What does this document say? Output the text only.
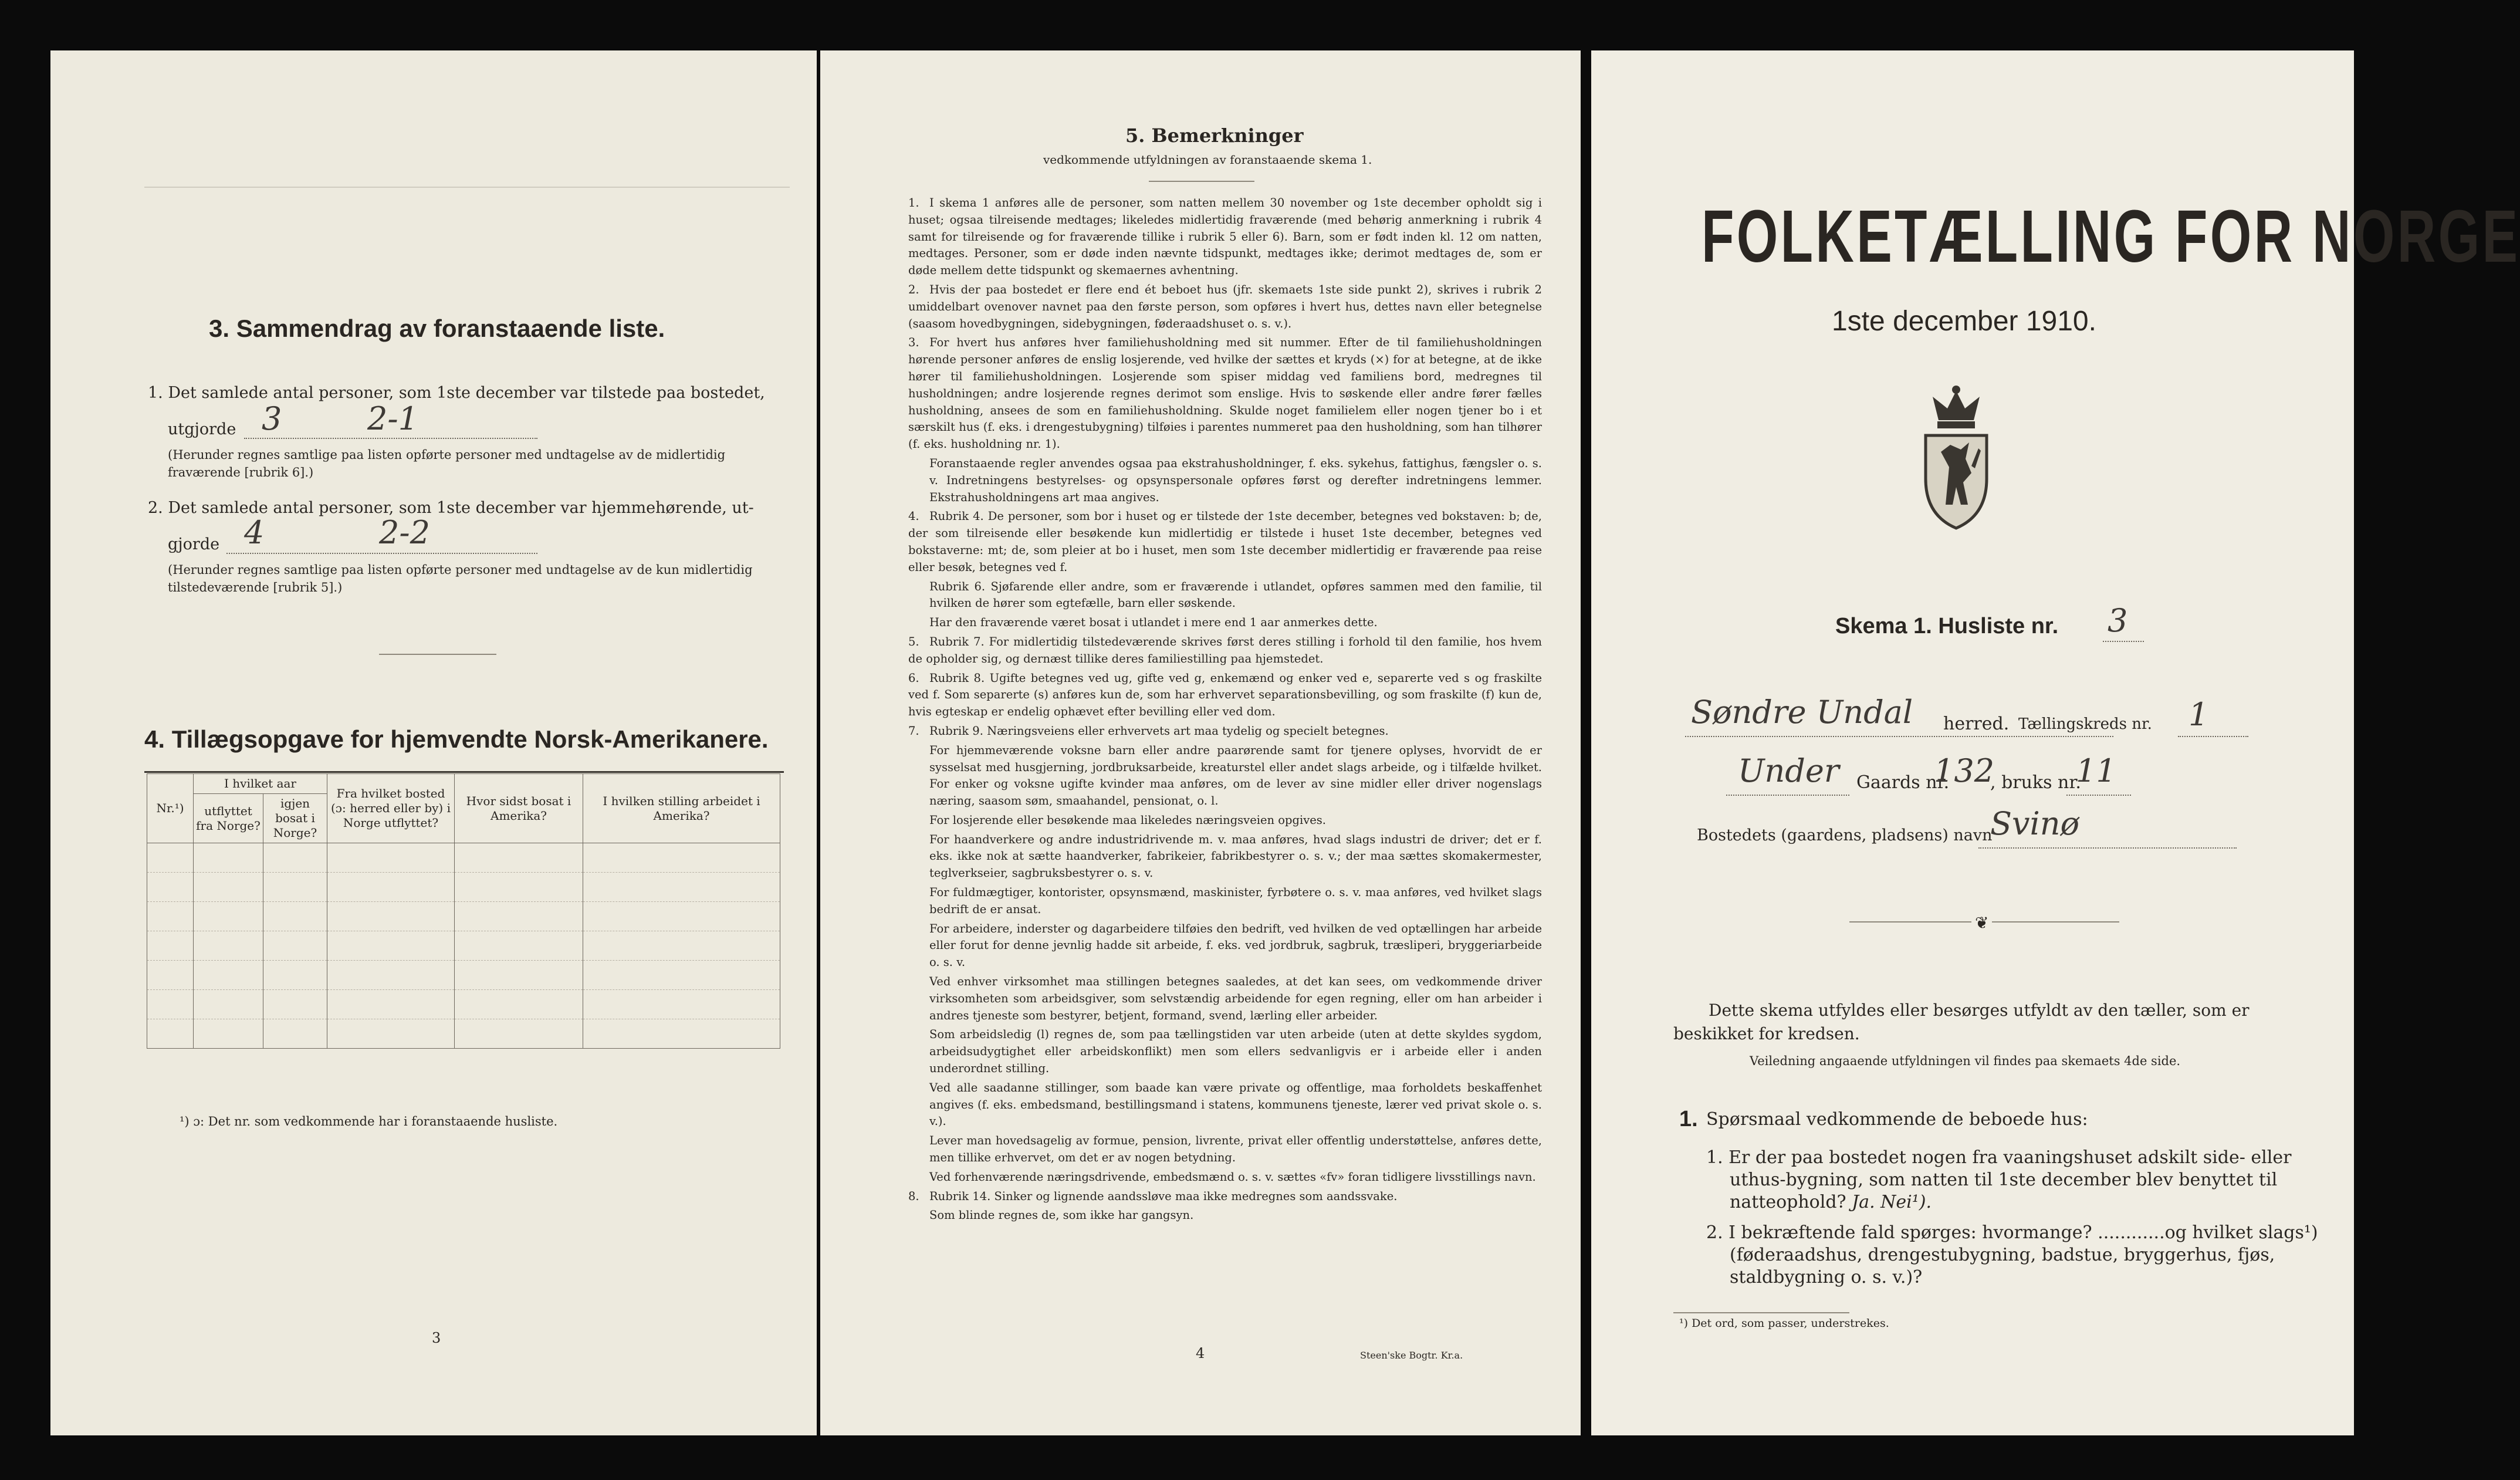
3. Sammendrag av foranstaaende liste.
1. Det samlede antal personer, som 1ste december var tilstede paa bostedet,
utgjorde 3	2-1
(Herunder regnes samtlige paa listen opførte personer med undtagelse av de midlertidig fraværende [rubrik 6].)
2. Det samlede antal personer, som 1ste december var hjemmehørende, ut-
gjorde 4	2-2
(Herunder regnes samtlige paa listen opførte personer med undtagelse av de kun midlertidig tilstedeværende [rubrik 5].)
4. Tillægsopgave for hjemvendte Norsk-Amerikanere.
Nr.¹)	I hvilket aar		Fra hvilket bosted (ɔ: herred eller by) i Norge utflyttet?	Hvor sidst bosat i Amerika?	I hvilken stilling arbeidet i Amerika?
	utflyttet fra Norge?	igjen bosat i Norge?			

¹) ɔ: Det nr. som vedkommende har i foranstaaende husliste.
3
5. Bemerkninger
vedkommende utfyldningen av foranstaaende skema 1.

1. I skema 1 anføres alle de personer, som natten mellem 30 november og 1ste december opholdt sig i huset; ogsaa tilreisende medtages; likeledes midlertidig fraværende (med behørig anmerkning i rubrik 4 samt for tilreisende og for fraværende tillike i rubrik 5 eller 6). Barn, som er født inden kl. 12 om natten, medtages. Personer, som er døde inden nævnte tidspunkt, medtages ikke; derimot medtages de, som er døde mellem dette tidspunkt og skemaernes avhentning.

2. Hvis der paa bostedet er flere end ét beboet hus (jfr. skemaets 1ste side punkt 2), skrives i rubrik 2 umiddelbart ovenover navnet paa den første person, som opføres i hvert hus, dettes navn eller betegnelse (saasom hovedbygningen, sidebygningen, føderaadshuset o. s. v.).

3. For hvert hus anføres hver familiehusholdning med sit nummer. Efter de til familiehusholdningen hørende personer anføres de enslig losjerende, ved hvilke der sættes et kryds (×) for at betegne, at de ikke hører til familiehusholdningen. Losjerende som spiser middag ved familiens bord, medregnes til husholdningen; andre losjerende regnes derimot som enslige. Hvis to søskende eller andre fører fælles husholdning, ansees de som en familiehusholdning. Skulde noget familielem eller nogen tjener bo i et særskilt hus (f. eks. i drengestubygning) tilføies i parentes nummeret paa den husholdning, som han tilhører (f. eks. husholdning nr. 1).

Foranstaaende regler anvendes ogsaa paa ekstrahusholdninger, f. eks. sykehus, fattighus, fængsler o. s. v. Indretningens bestyrelses- og opsynspersonale opføres først og derefter indretningens lemmer. Ekstrahusholdningens art maa angives.

4. Rubrik 4. De personer, som bor i huset og er tilstede der 1ste december, betegnes ved bokstaven: b; de, der som tilreisende eller besøkende kun midlertidig er tilstede i huset 1ste december, betegnes ved bokstaverne: mt; de, som pleier at bo i huset, men som 1ste december midlertidig er fraværende paa reise eller besøk, betegnes ved f.

Rubrik 6. Sjøfarende eller andre, som er fraværende i utlandet, opføres sammen med den familie, til hvilken de hører som egtefælle, barn eller søskende.

Har den fraværende været bosat i utlandet i mere end 1 aar anmerkes dette.

5. Rubrik 7. For midlertidig tilstedeværende skrives først deres stilling i forhold til den familie, hos hvem de opholder sig, og dernæst tillike deres familiestilling paa hjemstedet.

6. Rubrik 8. Ugifte betegnes ved ug, gifte ved g, enkemænd og enker ved e, separerte ved s og fraskilte ved f. Som separerte (s) anføres kun de, som har erhvervet separationsbevilling, og som fraskilte (f) kun de, hvis egteskap er endelig ophævet efter bevilling eller ved dom.

7. Rubrik 9. Næringsveiens eller erhvervets art maa tydelig og specielt betegnes.

For hjemmeværende voksne barn eller andre paarørende samt for tjenere oplyses, hvorvidt de er sysselsat med husgjerning, jordbruksarbeide, kreaturstel eller andet slags arbeide, og i tilfælde hvilket. For enker og voksne ugifte kvinder maa anføres, om de lever av sine midler eller driver nogenslags næring, saasom søm, smaahandel, pensionat, o. l.

For losjerende eller besøkende maa likeledes næringsveien opgives.

For haandverkere og andre industridrivende m. v. maa anføres, hvad slags industri de driver; det er f. eks. ikke nok at sætte haandverker, fabrikeier, fabrikbestyrer o. s. v.; der maa sættes skomakermester, teglverkseier, sagbruksbestyrer o. s. v.

For fuldmægtiger, kontorister, opsynsmænd, maskinister, fyrbøtere o. s. v. maa anføres, ved hvilket slags bedrift de er ansat.

For arbeidere, inderster og dagarbeidere tilføies den bedrift, ved hvilken de ved optællingen har arbeide eller forut for denne jevnlig hadde sit arbeide, f. eks. ved jordbruk, sagbruk, træsliperi, bryggeriarbeide o. s. v.

Ved enhver virksomhet maa stillingen betegnes saaledes, at det kan sees, om vedkommende driver virksomheten som arbeidsgiver, som selvstændig arbeidende for egen regning, eller om han arbeider i andres tjeneste som bestyrer, betjent, formand, svend, lærling eller arbeider.

Som arbeidsledig (l) regnes de, som paa tællingstiden var uten arbeide (uten at dette skyldes sygdom, arbeidsudygtighet eller arbeidskonflikt) men som ellers sedvanligvis er i arbeide eller i anden underordnet stilling.

Ved alle saadanne stillinger, som baade kan være private og offentlige, maa forholdets beskaffenhet angives (f. eks. embedsmand, bestillingsmand i statens, kommunens tjeneste, lærer ved privat skole o. s. v.).

Lever man hovedsagelig av formue, pension, livrente, privat eller offentlig understøttelse, anføres dette, men tillike erhvervet, om det er av nogen betydning.

Ved forhenværende næringsdrivende, embedsmænd o. s. v. sættes «fv» foran tidligere livsstillings navn.

8. Rubrik 14. Sinker og lignende aandssløve maa ikke medregnes som aandssvake.

Som blinde regnes de, som ikke har gangsyn.

4	Steen'ske Bogtr. Kr.a.
FOLKETÆLLING FOR NORGE
1ste december 1910.
Skema 1. Husliste nr. 3
Søndre Undal herred. Tællingskreds nr. 1
Under Gaards nr.
132
, bruks nr.
11
Bostedets (gaardens, pladsens) navn
Svinø
❦
Dette skema utfyldes eller besørges utfyldt av den tæller, som er beskikket for kredsen.
Veiledning angaaende utfyldningen vil findes paa skemaets 4de side.
1. Spørsmaal vedkommende de beboede hus:
1. Er der paa bostedet nogen fra vaaningshuset adskilt side- eller uthus-bygning, som natten til 1ste december blev benyttet til natteophold? Ja. Nei¹).
2. I bekræftende fald spørges: hvormange? ............og hvilket slags¹) (føderaadshus, drengestubygning, badstue, bryggerhus, fjøs, staldbygning o. s. v.)?
¹) Det ord, som passer, understrekes.
